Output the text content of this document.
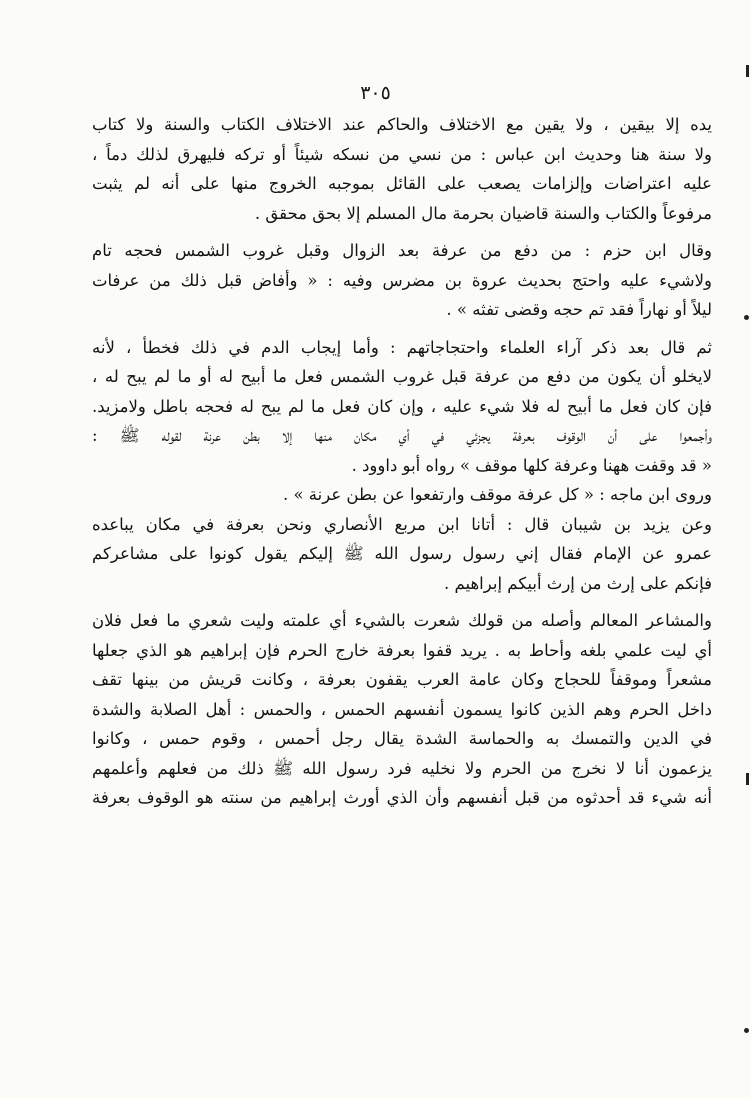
٣٠٥
يده إلا بيقين ، ولا يقين مع الاختلاف والحاكم عند الاختلاف الكتاب والسنة ولا كتاب
ولا سنة هنا وحديث ابن عباس : من نسي من نسكه شيئاً أو تركه فليهرق لذلك دماً ،
عليه اعتراضات وإلزامات يصعب على القائل بموجبه الخروج منها على أنه لم يثبت
مرفوعاً والكتاب والسنة قاضيان بحرمة مال المسلم إلا بحق محقق .
وقال ابن حزم : من دفع من عرفة بعد الزوال وقبل غروب الشمس فحجه تام
ولاشيء عليه واحتج بحديث عروة بن مضرس وفيه : « وأفاض قبل ذلك من عرفات
ليلاً أو نهاراً فقد تم حجه وقضى تفثه » .
ثم قال بعد ذكر آراء العلماء واحتجاجاتهم : وأما إيجاب الدم في ذلك فخطأ ، لأنه
لايخلو أن يكون من دفع من عرفة قبل غروب الشمس فعل ما أبيح له أو ما لم يبح له ،
فإن كان فعل ما أبيح له فلا شيء عليه ، وإن كان فعل ما لم يبح له فحجه باطل ولامزيد.
وأجمعوا على أن الوقوف بعرفة يجزئي في أي مكان منها إلا بطن عرنة لقوله ﷺ :
« قد وقفت ههنا وعرفة كلها موقف » رواه أبو داوود .
وروى ابن ماجه : « كل عرفة موقف وارتفعوا عن بطن عرنة » .
وعن يزيد بن شيبان قال : أتانا ابن مربع الأنصاري ونحن بعرفة في مكان يباعده
عمرو عن الإمام فقال إني رسول رسول الله ﷺ إليكم يقول كونوا على مشاعركم
فإنكم على إرث من إرث أبيكم إبراهيم .
والمشاعر المعالم وأصله من قولك شعرت بالشيء أي علمته وليت شعري ما فعل فلان
أي ليت علمي بلغه وأحاط به . يريد قفوا بعرفة خارج الحرم فإن إبراهيم هو الذي جعلها
مشعراً وموقفاً للحجاج وكان عامة العرب يقفون بعرفة ، وكانت قريش من بينها تقف
داخل الحرم وهم الذين كانوا يسمون أنفسهم الحمس ، والحمس : أهل الصلابة والشدة
في الدين والتمسك به والحماسة الشدة يقال رجل أحمس ، وقوم حمس ، وكانوا
يزعمون أنا لا نخرج من الحرم ولا نخليه فرد رسول الله ﷺ ذلك من فعلهم وأعلمهم
أنه شيء قد أحدثوه من قبل أنفسهم وأن الذي أورث إبراهيم من سنته هو الوقوف بعرفة
